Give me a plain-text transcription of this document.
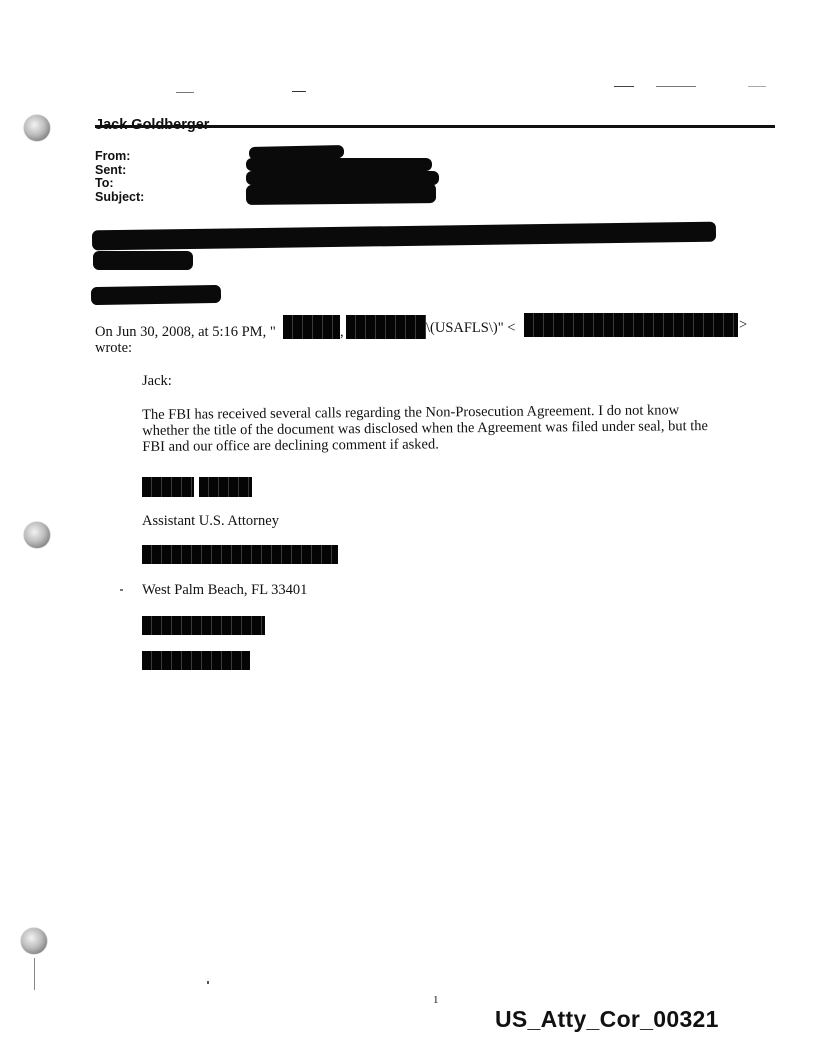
From:
Sent:
To:
Subject:
On Jun 30, 2008, at 5:16 PM, "	,	\(USAFLS\)" <	>
wrote:
Jack:
The FBI has received several calls regarding the Non-Prosecution Agreement. I do not know whether the title of the document was disclosed when the Agreement was filed under seal, but the FBI and our office are declining comment if asked.
Assistant U.S. Attorney
West Palm Beach, FL 33401
1
US_Atty_Cor_00321
